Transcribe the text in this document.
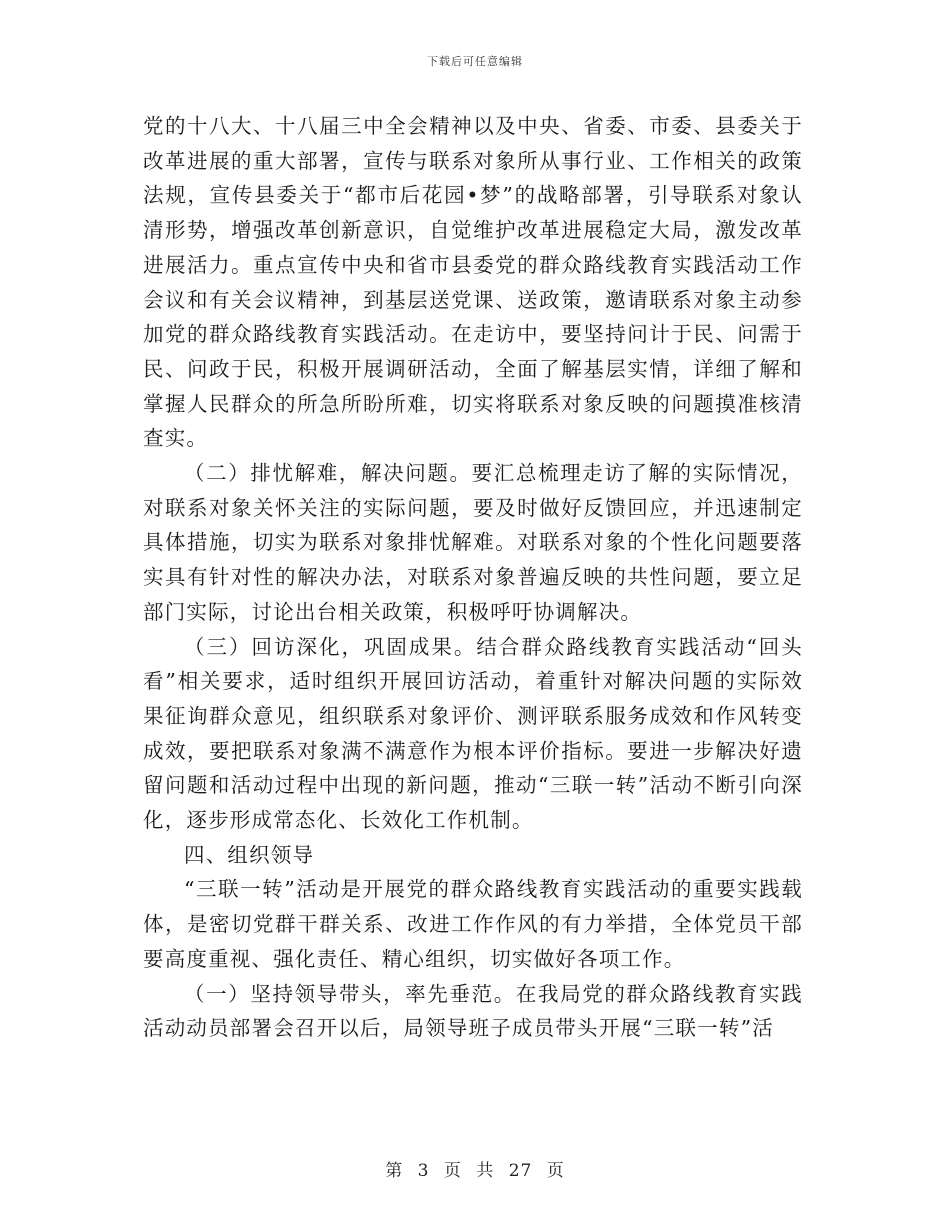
下载后可任意编辑

党的十八大、十八届三中全会精神以及中央、省委、市委、县委关于改革进展的重大部署，宣传与联系对象所从事行业、工作相关的政策法规，宣传县委关于“都市后花园•梦”的战略部署，引导联系对象认清形势，增强改革创新意识，自觉维护改革进展稳定大局，激发改革进展活力。重点宣传中央和省市县委党的群众路线教育实践活动工作会议和有关会议精神，到基层送党课、送政策，邀请联系对象主动参加党的群众路线教育实践活动。在走访中，要坚持问计于民、问需于民、问政于民，积极开展调研活动，全面了解基层实情，详细了解和掌握人民群众的所急所盼所难，切实将联系对象反映的问题摸准核清查实。

（二）排忧解难，解决问题。要汇总梳理走访了解的实际情况，对联系对象关怀关注的实际问题，要及时做好反馈回应，并迅速制定具体措施，切实为联系对象排忧解难。对联系对象的个性化问题要落实具有针对性的解决办法，对联系对象普遍反映的共性问题，要立足部门实际，讨论出台相关政策，积极呼吁协调解决。

（三）回访深化，巩固成果。结合群众路线教育实践活动“回头看”相关要求，适时组织开展回访活动，着重针对解决问题的实际效果征询群众意见，组织联系对象评价、测评联系服务成效和作风转变成效，要把联系对象满不满意作为根本评价指标。要进一步解决好遗留问题和活动过程中出现的新问题，推动“三联一转”活动不断引向深化，逐步形成常态化、长效化工作机制。

四、组织领导

“三联一转”活动是开展党的群众路线教育实践活动的重要实践载体，是密切党群干群关系、改进工作作风的有力举措，全体党员干部要高度重视、强化责任、精心组织，切实做好各项工作。

（一）坚持领导带头，率先垂范。在我局党的群众路线教育实践活动动员部署会召开以后，局领导班子成员带头开展“三联一转”活

第 3 页 共 27 页
